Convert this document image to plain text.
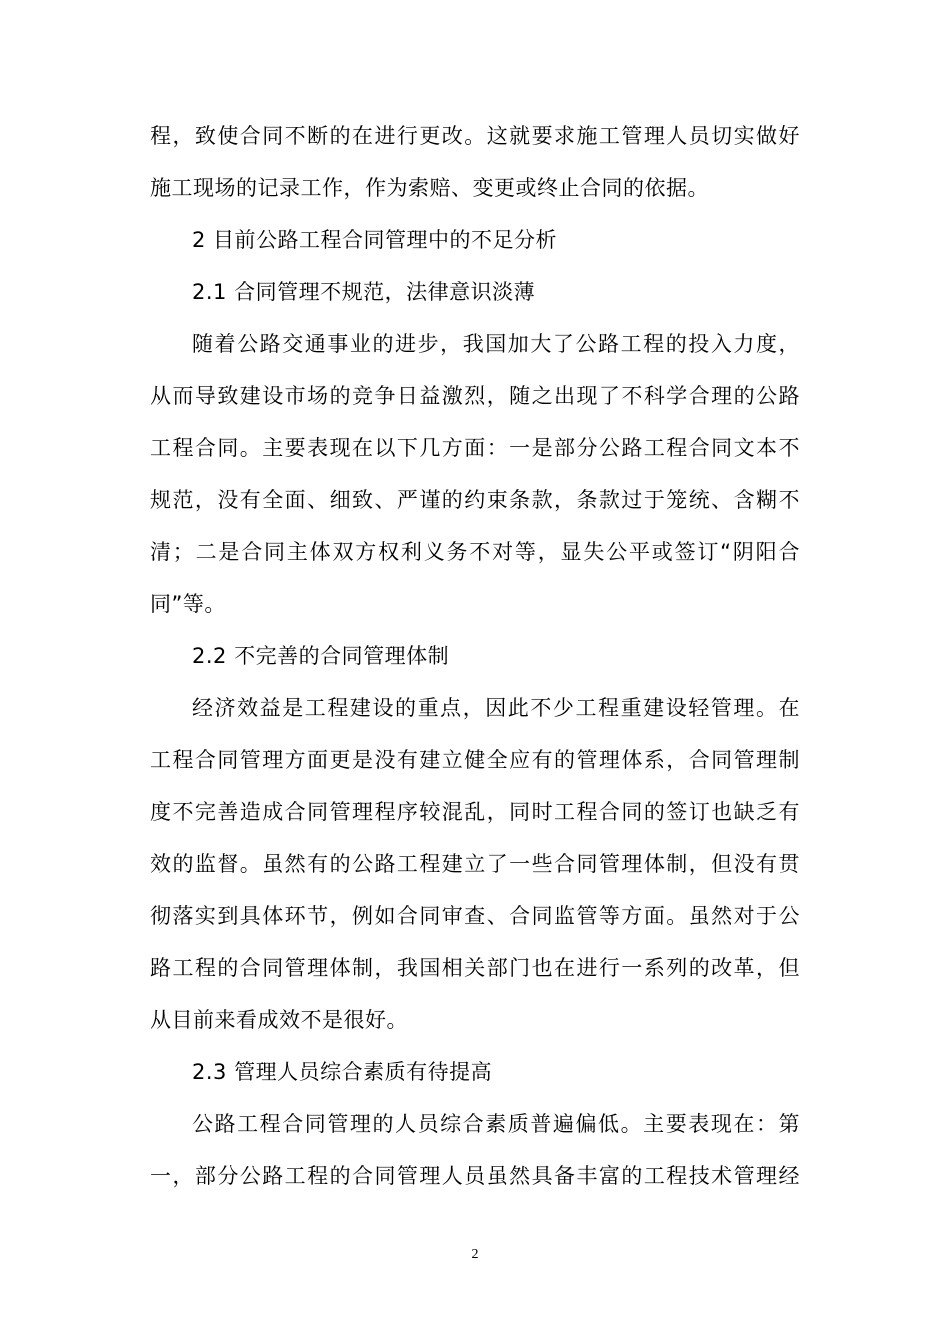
程，致使合同不断的在进行更改。这就要求施工管理人员切实做好
施工现场的记录工作，作为索赔、变更或终止合同的依据。
2 目前公路工程合同管理中的不足分析
2.1 合同管理不规范，法律意识淡薄
随着公路交通事业的进步，我国加大了公路工程的投入力度，
从而导致建设市场的竞争日益激烈，随之出现了不科学合理的公路
工程合同。主要表现在以下几方面：一是部分公路工程合同文本不
规范，没有全面、细致、严谨的约束条款，条款过于笼统、含糊不
清；二是合同主体双方权利义务不对等，显失公平或签订“阴阳合
同”等。
2.2 不完善的合同管理体制
经济效益是工程建设的重点，因此不少工程重建设轻管理。在
工程合同管理方面更是没有建立健全应有的管理体系，合同管理制
度不完善造成合同管理程序较混乱，同时工程合同的签订也缺乏有
效的监督。虽然有的公路工程建立了一些合同管理体制，但没有贯
彻落实到具体环节，例如合同审查、合同监管等方面。虽然对于公
路工程的合同管理体制，我国相关部门也在进行一系列的改革，但
从目前来看成效不是很好。
2.3 管理人员综合素质有待提高
公路工程合同管理的人员综合素质普遍偏低。主要表现在：第
一，部分公路工程的合同管理人员虽然具备丰富的工程技术管理经
2
